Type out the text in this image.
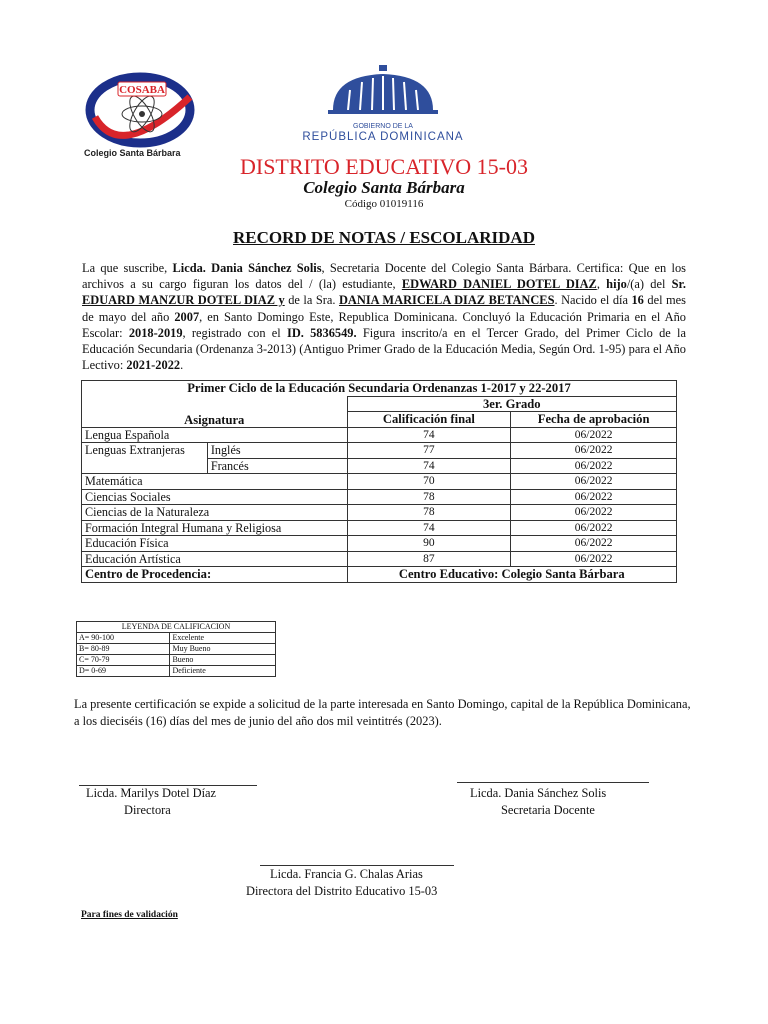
COSABA
Colegio Santa Bárbara
GOBIERNO DE LA
REPÚBLICA DOMINICANA
DISTRITO EDUCATIVO 15-03
Colegio Santa Bárbara
Código 01019116
RECORD DE NOTAS / ESCOLARIDAD
La que suscribe, Licda. Dania Sánchez Solis, Secretaria Docente del Colegio Santa Bárbara. Certifica: Que en los archivos a su cargo figuran los datos del / (la) estudiante, EDWARD DANIEL DOTEL DIAZ, hijo/(a) del Sr. EDUARD MANZUR DOTEL DIAZ y de la Sra. DANIA MARICELA DIAZ BETANCES. Nacido el día 16 del mes de mayo del año 2007, en Santo Domingo Este, Republica Dominicana. Concluyó la Educación Primaria en el Año Escolar: 2018-2019, registrado con el ID. 5836549. Figura inscrito/a en el Tercer Grado, del Primer Ciclo de la Educación Secundaria (Ordenanza 3-2013) (Antiguo Primer Grado de la Educación Media, Según Ord. 1-95) para el Año Lectivo: 2021-2022.
Primer Ciclo de la Educación Secundaria Ordenanzas 1-2017 y 22-2017			
Asignatura		3er. Grado	
		Calificación final	Fecha de aprobación
Lengua Española		74	06/2022
Lenguas Extranjeras	Inglés	77	06/2022
	Francés	74	06/2022
Matemática		70	06/2022
Ciencias Sociales		78	06/2022
Ciencias de la Naturaleza		78	06/2022
Formación Integral Humana y Religiosa		74	06/2022
Educación Física		90	06/2022
Educación Artística		87	06/2022
Centro de Procedencia:		Centro Educativo: Colegio Santa Bárbara	
LEYENDA DE CALIFICACION	
A= 90-100	Excelente
B= 80-89	Muy Bueno
C= 70-79	Bueno
D= 0-69	Deficiente
La presente certificación se expide a solicitud de la parte interesada en Santo Domingo, capital de la República Dominicana, a los dieciséis (16) días del mes de junio del año dos mil veintitrés (2023).
Licda. Marilys Dotel Díaz
Directora
Licda. Dania Sánchez Solis
Secretaria Docente
Licda. Francia G. Chalas Arias
Directora del Distrito Educativo 15-03
Para fines de validación
